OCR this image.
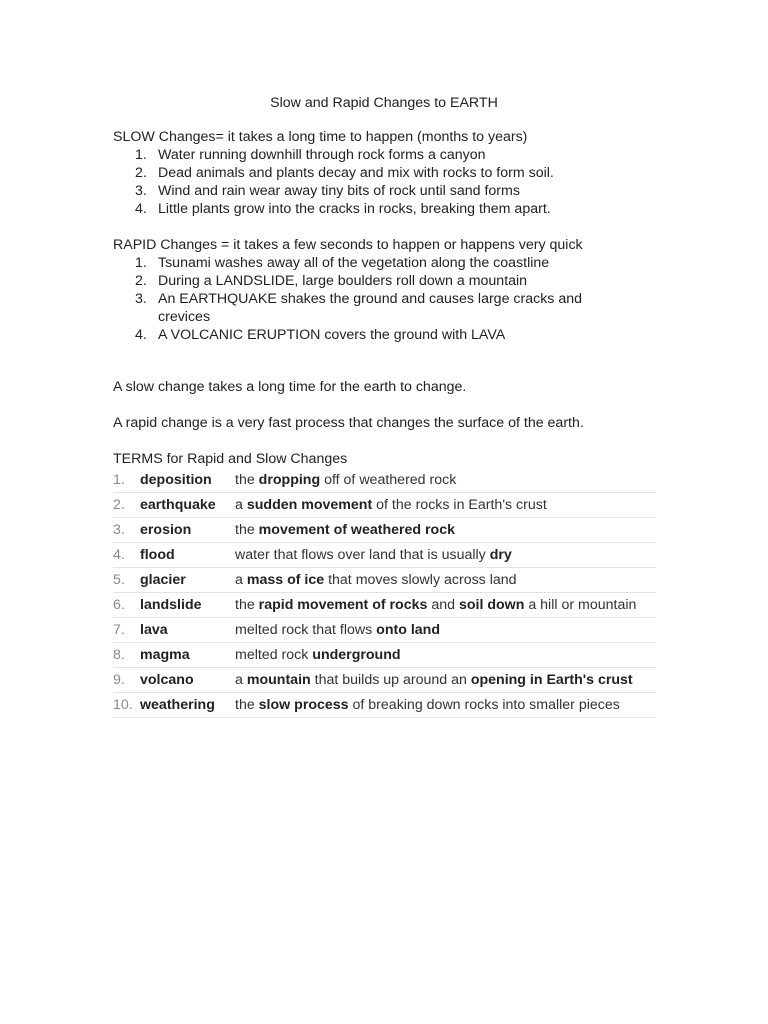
Slow and Rapid Changes to EARTH
SLOW Changes= it takes a long time to happen (months to years)
1. Water running downhill through rock forms a canyon
2. Dead animals and plants decay and mix with rocks to form soil.
3. Wind and rain wear away tiny bits of rock until sand forms
4. Little plants grow into the cracks in rocks, breaking them apart.
RAPID Changes = it takes a few seconds to happen or happens very quick
1. Tsunami washes away all of the vegetation along the coastline
2. During a LANDSLIDE, large boulders roll down a mountain
3. An EARTHQUAKE shakes the ground and causes large cracks and crevices
4. A VOLCANIC ERUPTION covers the ground with LAVA
A slow change takes a long time for the earth to change.
A rapid change is a very fast process that changes the surface of the earth.
TERMS for Rapid and Slow Changes
1.	deposition	the dropping off of weathered rock
2.	earthquake	a sudden movement of the rocks in Earth's crust
3.	erosion	the movement of weathered rock
4.	flood	water that flows over land that is usually dry
5.	glacier	a mass of ice that moves slowly across land
6.	landslide	the rapid movement of rocks and soil down a hill or mountain
7.	lava	melted rock that flows onto land
8.	magma	melted rock underground
9.	volcano	a mountain that builds up around an opening in Earth's crust
10.	weathering	the slow process of breaking down rocks into smaller pieces
